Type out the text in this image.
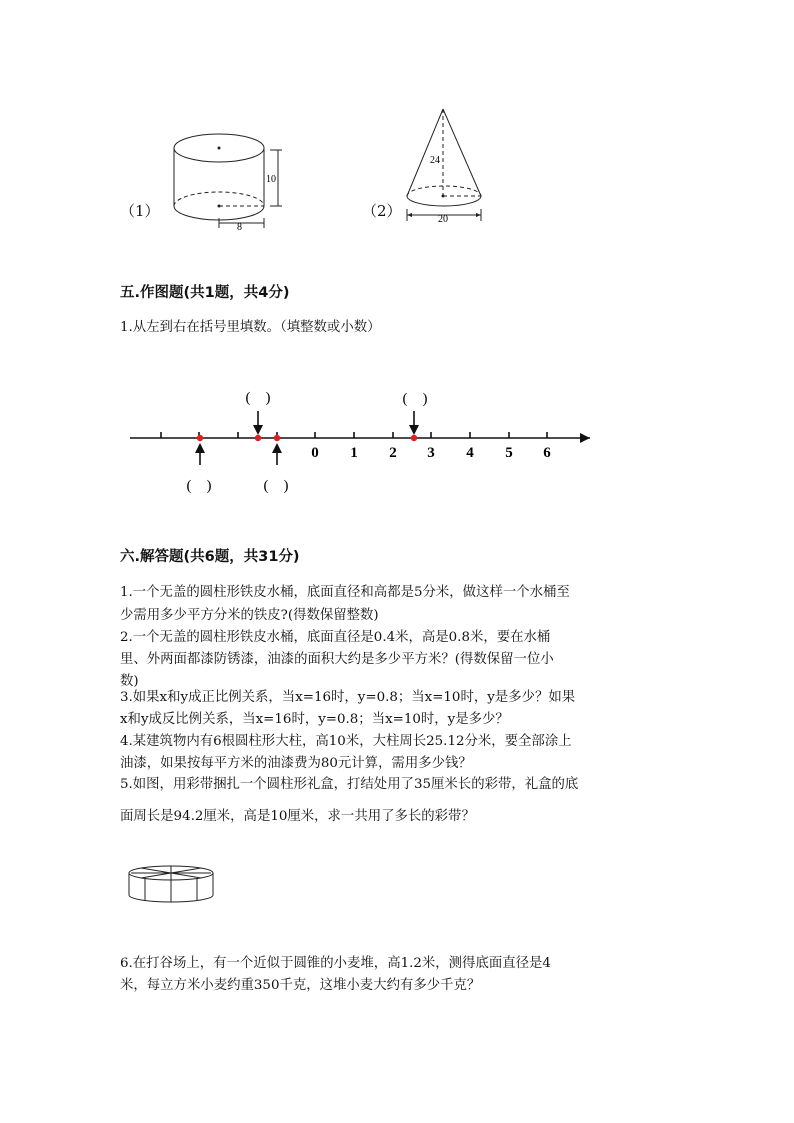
（1）	（2）
10
8
24
20
五.作图题(共1题，共4分)
1.从左到右在括号里填数。（填整数或小数）
0 1 2 3 4 5 6
(    )	(    )
(    )	(    )
六.解答题(共6题，共31分)
1.一个无盖的圆柱形铁皮水桶，底面直径和高都是5分米，做这样一个水桶至
少需用多少平方分米的铁皮?(得数保留整数)
2.一个无盖的圆柱形铁皮水桶，底面直径是0.4米，高是0.8米，要在水桶
里、外两面都漆防锈漆，油漆的面积大约是多少平方米？(得数保留一位小
数)
3.如果x和y成正比例关系，当x=16时，y=0.8；当x=10时，y是多少？如果
x和y成反比例关系，当x=16时，y=0.8；当x=10时，y是多少？
4.某建筑物内有6根圆柱形大柱，高10米，大柱周长25.12分米，要全部涂上
油漆，如果按每平方米的油漆费为80元计算，需用多少钱？
5.如图，用彩带捆扎一个圆柱形礼盒，打结处用了35厘米长的彩带，礼盒的底
面周长是94.2厘米，高是10厘米，求一共用了多长的彩带？
6.在打谷场上，有一个近似于圆锥的小麦堆，高1.2米，测得底面直径是4
米，每立方米小麦约重350千克，这堆小麦大约有多少千克？
